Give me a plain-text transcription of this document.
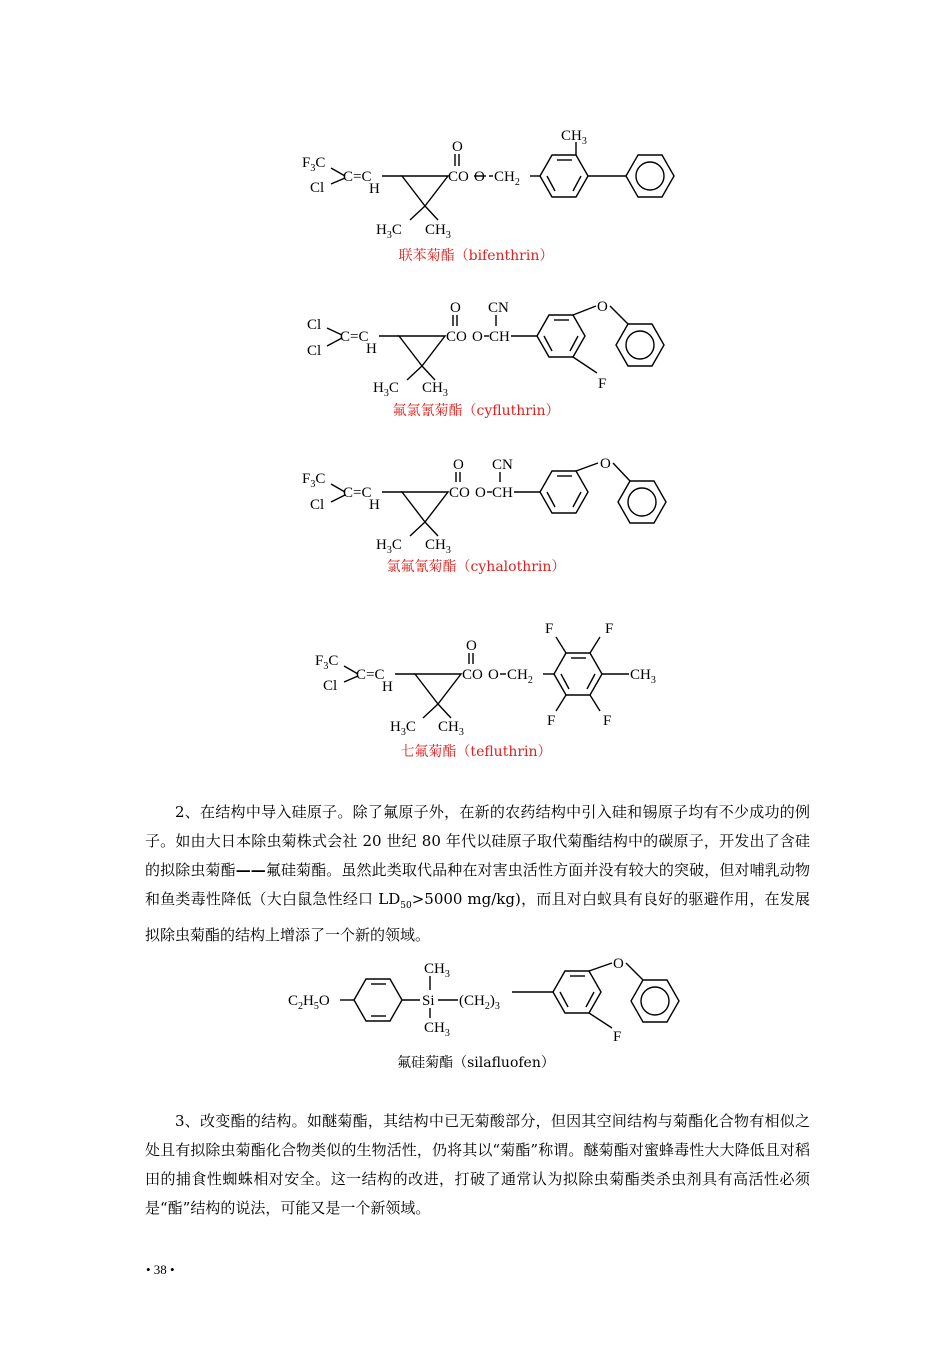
$F_3C$
Cl
C=C
H
$H_3C$ $CH_3$
O
CO O $CH_2$
$CH_3$
联苯菊酯（bifenthrin）
Cl
Cl
C=C
H
$H_3C$ $CH_3$
O
CO O
CN
CH
O
F
氟氯氰菊酯（cyfluthrin）
$F_3C$
Cl
C=C
H
$H_3C$ $CH_3$
O
CO O
CN
CH
O
氯氟氰菊酯（cyhalothrin）
$F_3C$
Cl
C=C
H
$H_3C$ $CH_3$
O
CO O $CH_2$
F	F
F	F
$CH_3$
七氟菊酯（tefluthrin）

2、在结构中导入硅原子。除了氟原子外，在新的农药结构中引入硅和锡原子均有不少成功的例子。如由大日本除虫菊株式会社 20 世纪 80 年代以硅原子取代菊酯结构中的碳原子，开发出了含硅的拟除虫菊酯——氟硅菊酯。虽然此类取代品种在对害虫活性方面并没有较大的突破，但对哺乳动物和鱼类毒性降低（大白鼠急性经口 $LD_{50}>5000$ mg/kg)，而且对白蚁具有良好的驱避作用，在发展拟除虫菊酯的结构上增添了一个新的领域。

$C_2H_5O$	Si
$CH_3$
$CH_3$
$(CH_2)_3$
O
F
氟硅菊酯（silafluofen）

3、改变酯的结构。如醚菊酯，其结构中已无菊酸部分，但因其空间结构与菊酯化合物有相似之处且有拟除虫菊酯化合物类似的生物活性，仍将其以“菊酯”称谓。醚菊酯对蜜蜂毒性大大降低且对稻田的捕食性蜘蛛相对安全。这一结构的改进，打破了通常认为拟除虫菊酯类杀虫剂具有高活性必须是“酯”结构的说法，可能又是一个新领域。

• 38 •
